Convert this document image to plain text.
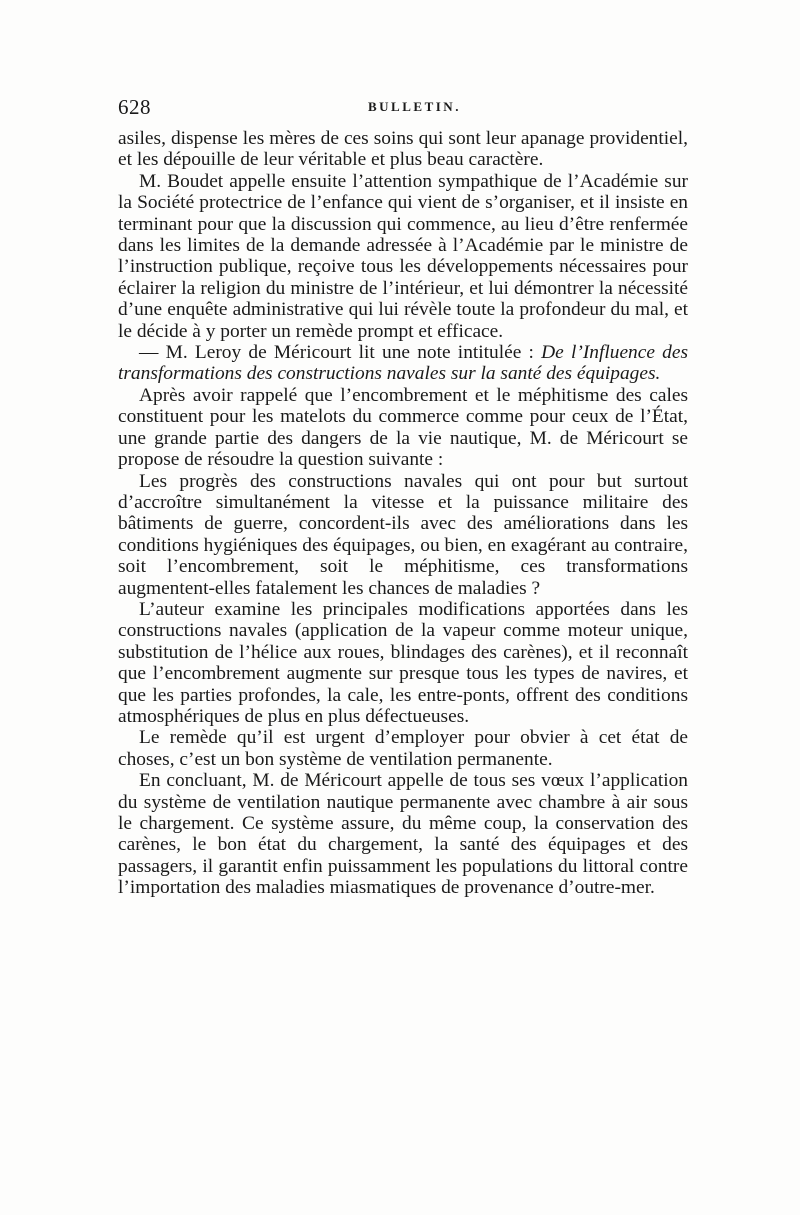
628	BULLETIN.

asiles, dispense les mères de ces soins qui sont leur apanage providentiel, et les dépouille de leur véritable et plus beau caractère.

M. Boudet appelle ensuite l’attention sympathique de l’Académie sur la Société protectrice de l’enfance qui vient de s’organiser, et il insiste en terminant pour que la discussion qui commence, au lieu d’être renfermée dans les limites de la demande adressée à l’Académie par le ministre de l’instruction publique, reçoive tous les développements nécessaires pour éclairer la religion du ministre de l’intérieur, et lui démontrer la nécessité d’une enquête administrative qui lui révèle toute la profondeur du mal, et le décide à y porter un remède prompt et efficace.

— M. Leroy de Méricourt lit une note intitulée : De l’Influence des transformations des constructions navales sur la santé des équipages.

Après avoir rappelé que l’encombrement et le méphitisme des cales constituent pour les matelots du commerce comme pour ceux de l’État, une grande partie des dangers de la vie nautique, M. de Méricourt se propose de résoudre la question suivante :

Les progrès des constructions navales qui ont pour but surtout d’accroître simultanément la vitesse et la puissance militaire des bâtiments de guerre, concordent-ils avec des améliorations dans les conditions hygiéniques des équipages, ou bien, en exagérant au contraire, soit l’encombrement, soit le méphitisme, ces transformations augmentent-elles fatalement les chances de maladies ?

L’auteur examine les principales modifications apportées dans les constructions navales (application de la vapeur comme moteur unique, substitution de l’hélice aux roues, blindages des carènes), et il reconnaît que l’encombrement augmente sur presque tous les types de navires, et que les parties profondes, la cale, les entre-ponts, offrent des conditions atmosphériques de plus en plus défectueuses.

Le remède qu’il est urgent d’employer pour obvier à cet état de choses, c’est un bon système de ventilation permanente.

En concluant, M. de Méricourt appelle de tous ses vœux l’application du système de ventilation nautique permanente avec chambre à air sous le chargement. Ce système assure, du même coup, la conservation des carènes, le bon état du chargement, la santé des équipages et des passagers, il garantit enfin puissamment les populations du littoral contre l’importation des maladies miasmatiques de provenance d’outre-mer.
